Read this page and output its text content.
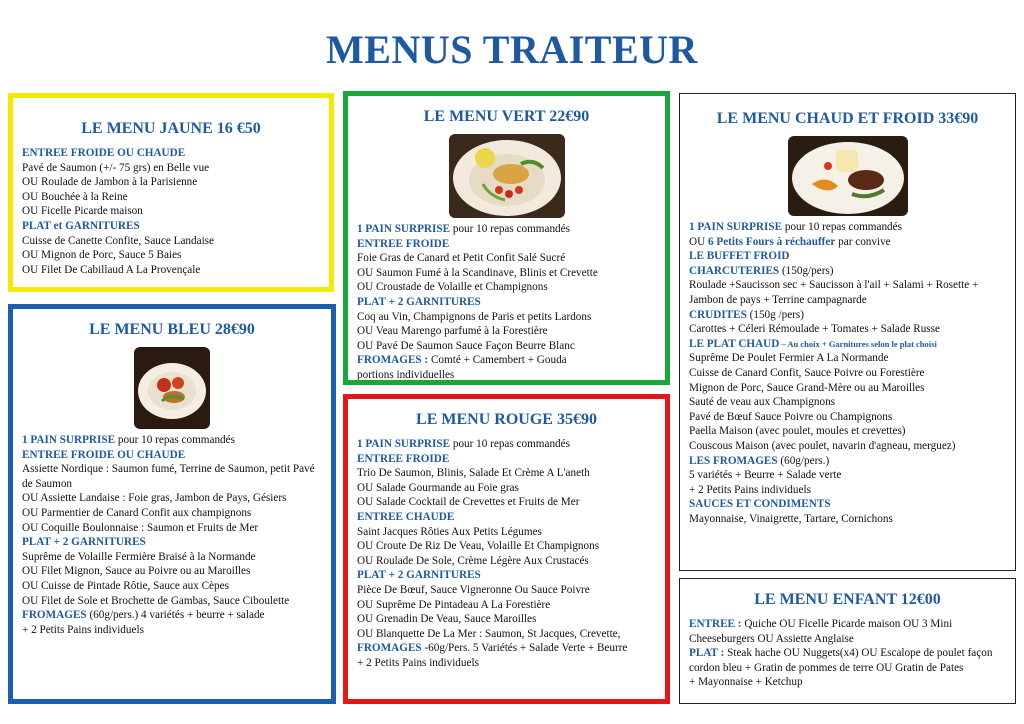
MENUS TRAITEUR
LE MENU JAUNE 16 €50
ENTREE FROIDE OU CHAUDE
Pavé de Saumon (+/- 75 grs) en Belle vue
OU Roulade de Jambon à la Parisienne
OU Bouchée à la Reine
OU Ficelle Picarde maison
PLAT et GARNITURES
Cuisse de Canette Confite, Sauce Landaise
OU Mignon de Porc, Sauce 5 Baies
OU Filet De Cabillaud A La Provençale
LE MENU BLEU 28€90
1 PAIN SURPRISE pour 10 repas commandés
ENTREE FROIDE OU CHAUDE
Assiette Nordique : Saumon fumé, Terrine de Saumon, petit Pavé de Saumon
OU Assiette Landaise : Foie gras, Jambon de Pays, Gésiers
OU Parmentier de Canard Confit aux champignons
OU Coquille Boulonnaise : Saumon et Fruits de Mer
PLAT + 2 GARNITURES
Suprême de Volaille Fermière Braisé à la Normande
OU Filet Mignon, Sauce au Poivre ou au Maroilles
OU Cuisse de Pintade Rôtie, Sauce aux Cèpes
OU Filet de Sole et Brochette de Gambas, Sauce Ciboulette
FROMAGES (60g/pers.) 4 variétés + beurre + salade
+ 2 Petits Pains individuels
LE MENU VERT 22€90
1 PAIN SURPRISE pour 10 repas commandés
ENTREE FROIDE
Foie Gras de Canard et Petit Confit Salé Sucré
OU Saumon Fumé à la Scandinave, Blinis et Crevette
OU Croustade de Volaille et Champignons
PLAT + 2 GARNITURES
Coq au Vin, Champignons de Paris et petits Lardons
OU Veau Marengo parfumé à la Forestière
OU Pavé De Saumon Sauce Façon Beurre Blanc
FROMAGES : Comté + Camembert + Gouda
portions individuelles
LE MENU ROUGE 35€90
1 PAIN SURPRISE pour 10 repas commandés
ENTREE FROIDE
Trio De Saumon, Blinis, Salade Et Crème A L'aneth
OU Salade Gourmande au Foie gras
OU Salade Cocktail de Crevettes et Fruits de Mer
ENTREE CHAUDE
Saint Jacques Rôties Aux Petits Légumes
OU Croute De Riz De Veau, Volaille Et Champignons
OU Roulade De Sole, Crème Légère Aux Crustacés
PLAT + 2 GARNITURES
Pièce De Bœuf, Sauce Vigneronne Ou Sauce Poivre
OU Suprême De Pintadeau A La Forestière
OU Grenadin De Veau, Sauce Maroilles
OU Blanquette De La Mer : Saumon, St Jacques, Crevette,
FROMAGES -60g/Pers. 5 Variétés + Salade Verte + Beurre
+ 2 Petits Pains individuels
LE MENU CHAUD ET FROID 33€90
1 PAIN SURPRISE pour 10 repas commandés
OU 6 Petits Fours à réchauffer par convive
LE BUFFET FROID
CHARCUTERIES (150g/pers)
Roulade +Saucisson sec + Saucisson à l'ail + Salami + Rosette + Jambon de pays + Terrine campagnarde
CRUDITES (150g /pers)
Carottes + Céleri Rémoulade + Tomates + Salade Russe
LE PLAT CHAUD – Au choix + Garnitures selon le plat choisi
Suprême De Poulet Fermier A La Normande
Cuisse de Canard Confit, Sauce Poivre ou Forestière
Mignon de Porc, Sauce Grand-Mère ou au Maroilles
Sauté de veau aux Champignons
Pavé de Bœuf Sauce Poivre ou Champignons
Paella Maison (avec poulet, moules et crevettes)
Couscous Maison (avec poulet, navarin d'agneau, merguez)
LES FROMAGES (60g/pers.)
5 variétés + Beurre + Salade verte
+ 2 Petits Pains individuels
SAUCES ET CONDIMENTS
Mayonnaise, Vinaigrette, Tartare, Cornichons
LE MENU ENFANT 12€00
ENTREE : Quiche OU Ficelle Picarde maison OU 3 Mini Cheeseburgers OU Assiette Anglaise
PLAT : Steak hache OU Nuggets(x4) OU Escalope de poulet façon cordon bleu + Gratin de pommes de terre OU Gratin de Pates
+ Mayonnaise + Ketchup
